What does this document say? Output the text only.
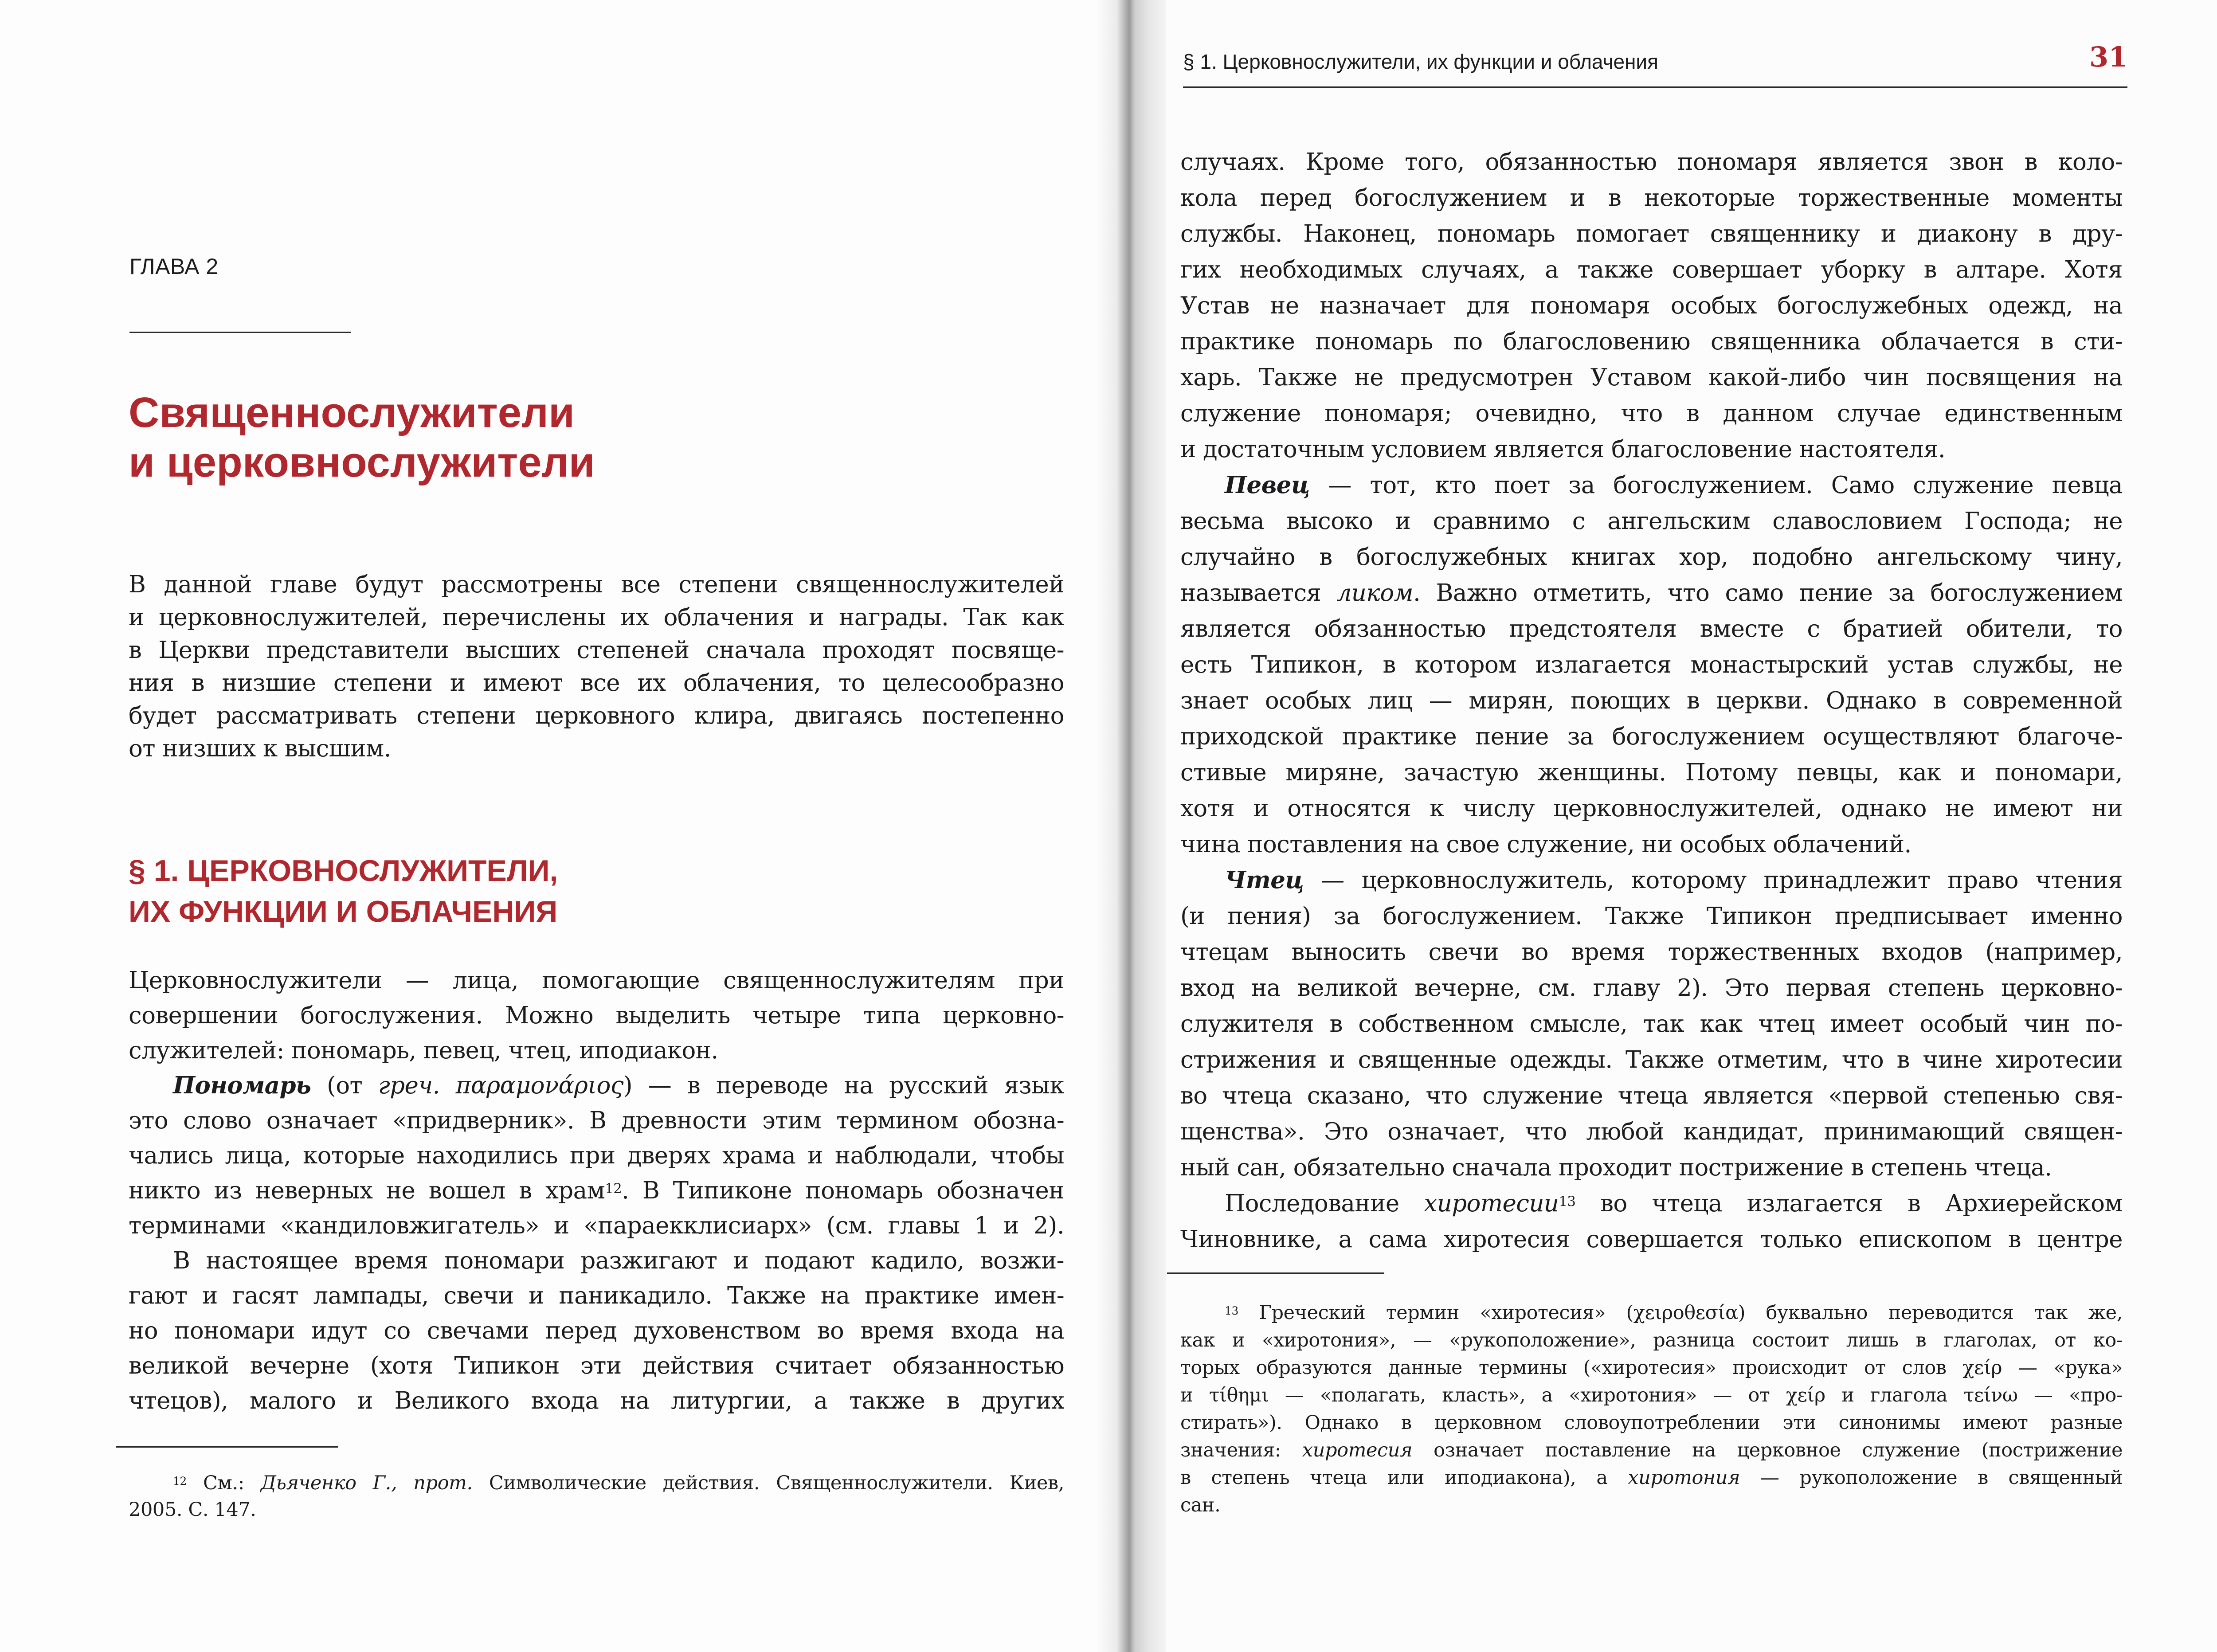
ГЛАВА 2
Священнослужители
и церковнослужители
В данной главе будут рассмотрены все степени священнослужителей
и церковнослужителей, перечислены их облачения и награды. Так как
в Церкви представители высших степеней сначала проходят посвяще-
ния в низшие степени и имеют все их облачения, то целесообразно
будет рассматривать степени церковного клира, двигаясь постепенно
от низших к высшим.
§ 1. ЦЕРКОВНОСЛУЖИТЕЛИ,
ИХ ФУНКЦИИ И ОБЛАЧЕНИЯ
Церковнослужители — лица, помогающие священнослужителям при
совершении богослужения. Можно выделить четыре типа церковно-
служителей: пономарь, певец, чтец, иподиакон.
Пономарь (от греч. παραμονάριος) — в переводе на русский язык
это слово означает «придверник». В древности этим термином обозна-
чались лица, которые находились при дверях храма и наблюдали, чтобы
никто из неверных не вошел в храм$^{12}$. В Типиконе пономарь обозначен
терминами «кандиловжигатель» и «параекклисиарх» (см. главы 1 и 2).
В настоящее время пономари разжигают и подают кадило, возжи-
гают и гасят лампады, свечи и паникадило. Также на практике имен-
но пономари идут со свечами перед духовенством во время входа на
великой вечерне (хотя Типикон эти действия считает обязанностью
чтецов), малого и Великого входа на литургии, а также в других
$^{12}$ См.: Дьяченко Г., прот. Символические действия. Священнослужители. Киев,
2005. С. 147.
§ 1. Церковнослужители, их функции и облачения	31
случаях. Кроме того, обязанностью пономаря является звон в коло-
кола перед богослужением и в некоторые торжественные моменты
службы. Наконец, пономарь помогает священнику и диакону в дру-
гих необходимых случаях, а также совершает уборку в алтаре. Хотя
Устав не назначает для пономаря особых богослужебных одежд, на
практике пономарь по благословению священника облачается в сти-
харь. Также не предусмотрен Уставом какой-либо чин посвящения на
служение пономаря; очевидно, что в данном случае единственным
и достаточным условием является благословение настоятеля.
Певец — тот, кто поет за богослужением. Само служение певца
весьма высоко и сравнимо с ангельским славословием Господа; не
случайно в богослужебных книгах хор, подобно ангельскому чину,
называется ликом. Важно отметить, что само пение за богослужением
является обязанностью предстоятеля вместе с братией обители, то
есть Типикон, в котором излагается монастырский устав службы, не
знает особых лиц — мирян, поющих в церкви. Однако в современной
приходской практике пение за богослужением осуществляют благоче-
стивые миряне, зачастую женщины. Потому певцы, как и пономари,
хотя и относятся к числу церковнослужителей, однако не имеют ни
чина поставления на свое служение, ни особых облачений.
Чтец — церковнослужитель, которому принадлежит право чтения
(и пения) за богослужением. Также Типикон предписывает именно
чтецам выносить свечи во время торжественных входов (например,
вход на великой вечерне, см. главу 2). Это первая степень церковно-
служителя в собственном смысле, так как чтец имеет особый чин по-
стрижения и священные одежды. Также отметим, что в чине хиротесии
во чтеца сказано, что служение чтеца является «первой степенью свя-
щенства». Это означает, что любой кандидат, принимающий священ-
ный сан, обязательно сначала проходит пострижение в степень чтеца.
Последование хиротесии$^{13}$ во чтеца излагается в Архиерейском
Чиновнике, а сама хиротесия совершается только епископом в центре
$^{13}$ Греческий термин «хиротесия» (χειροθεσία) буквально переводится так же,
как и «хиротония», — «рукоположение», разница состоит лишь в глаголах, от ко-
торых образуются данные термины («хиротесия» происходит от слов χείρ — «рука»
и τίθημι — «полагать, класть», а «хиротония» — от χείρ и глагола τείνω — «про-
стирать»). Однако в церковном словоупотреблении эти синонимы имеют разные
значения: хиротесия означает поставление на церковное служение (пострижение
в степень чтеца или иподиакона), а хиротония — рукоположение в священный
сан.
